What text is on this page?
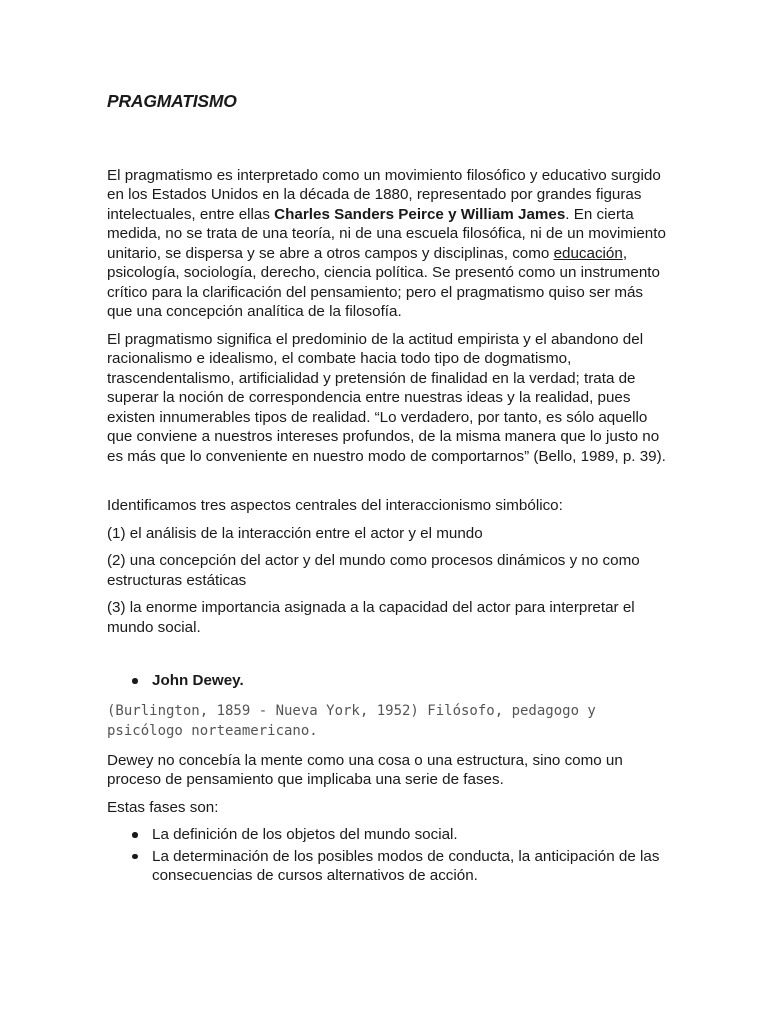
PRAGMATISMO

El pragmatismo es interpretado como un movimiento filosófico y educativo surgido en los Estados Unidos en la década de 1880, representado por grandes figuras intelectuales, entre ellas Charles Sanders Peirce y William James. En cierta medida, no se trata de una teoría, ni de una escuela filosófica, ni de un movimiento unitario, se dispersa y se abre a otros campos y disciplinas, como educación, psicología, sociología, derecho, ciencia política. Se presentó como un instrumento crítico para la clarificación del pensamiento; pero el pragmatismo quiso ser más que una concepción analítica de la filosofía.

El pragmatismo significa el predominio de la actitud empirista y el abandono del racionalismo e idealismo, el combate hacia todo tipo de dogmatismo, trascendentalismo, artificialidad y pretensión de finalidad en la verdad; trata de superar la noción de correspondencia entre nuestras ideas y la realidad, pues existen innumerables tipos de realidad. “Lo verdadero, por tanto, es sólo aquello que conviene a nuestros intereses profundos, de la misma manera que lo justo no es más que lo conveniente en nuestro modo de comportarnos” (Bello, 1989, p. 39).

Identificamos tres aspectos centrales del interaccionismo simbólico:

(1) el análisis de la interacción entre el actor y el mundo

(2) una concepción del actor y del mundo como procesos dinámicos y no como estructuras estáticas

(3) la enorme importancia asignada a la capacidad del actor para interpretar el mundo social.

John Dewey.

(Burlington, 1859 - Nueva York, 1952) Filósofo, pedagogo y psicólogo norteamericano.

Dewey no concebía la mente como una cosa o una estructura, sino como un proceso de pensamiento que implicaba una serie de fases.

Estas fases son:

La definición de los objetos del mundo social.
La determinación de los posibles modos de conducta, la anticipación de las consecuencias de cursos alternativos de acción.
